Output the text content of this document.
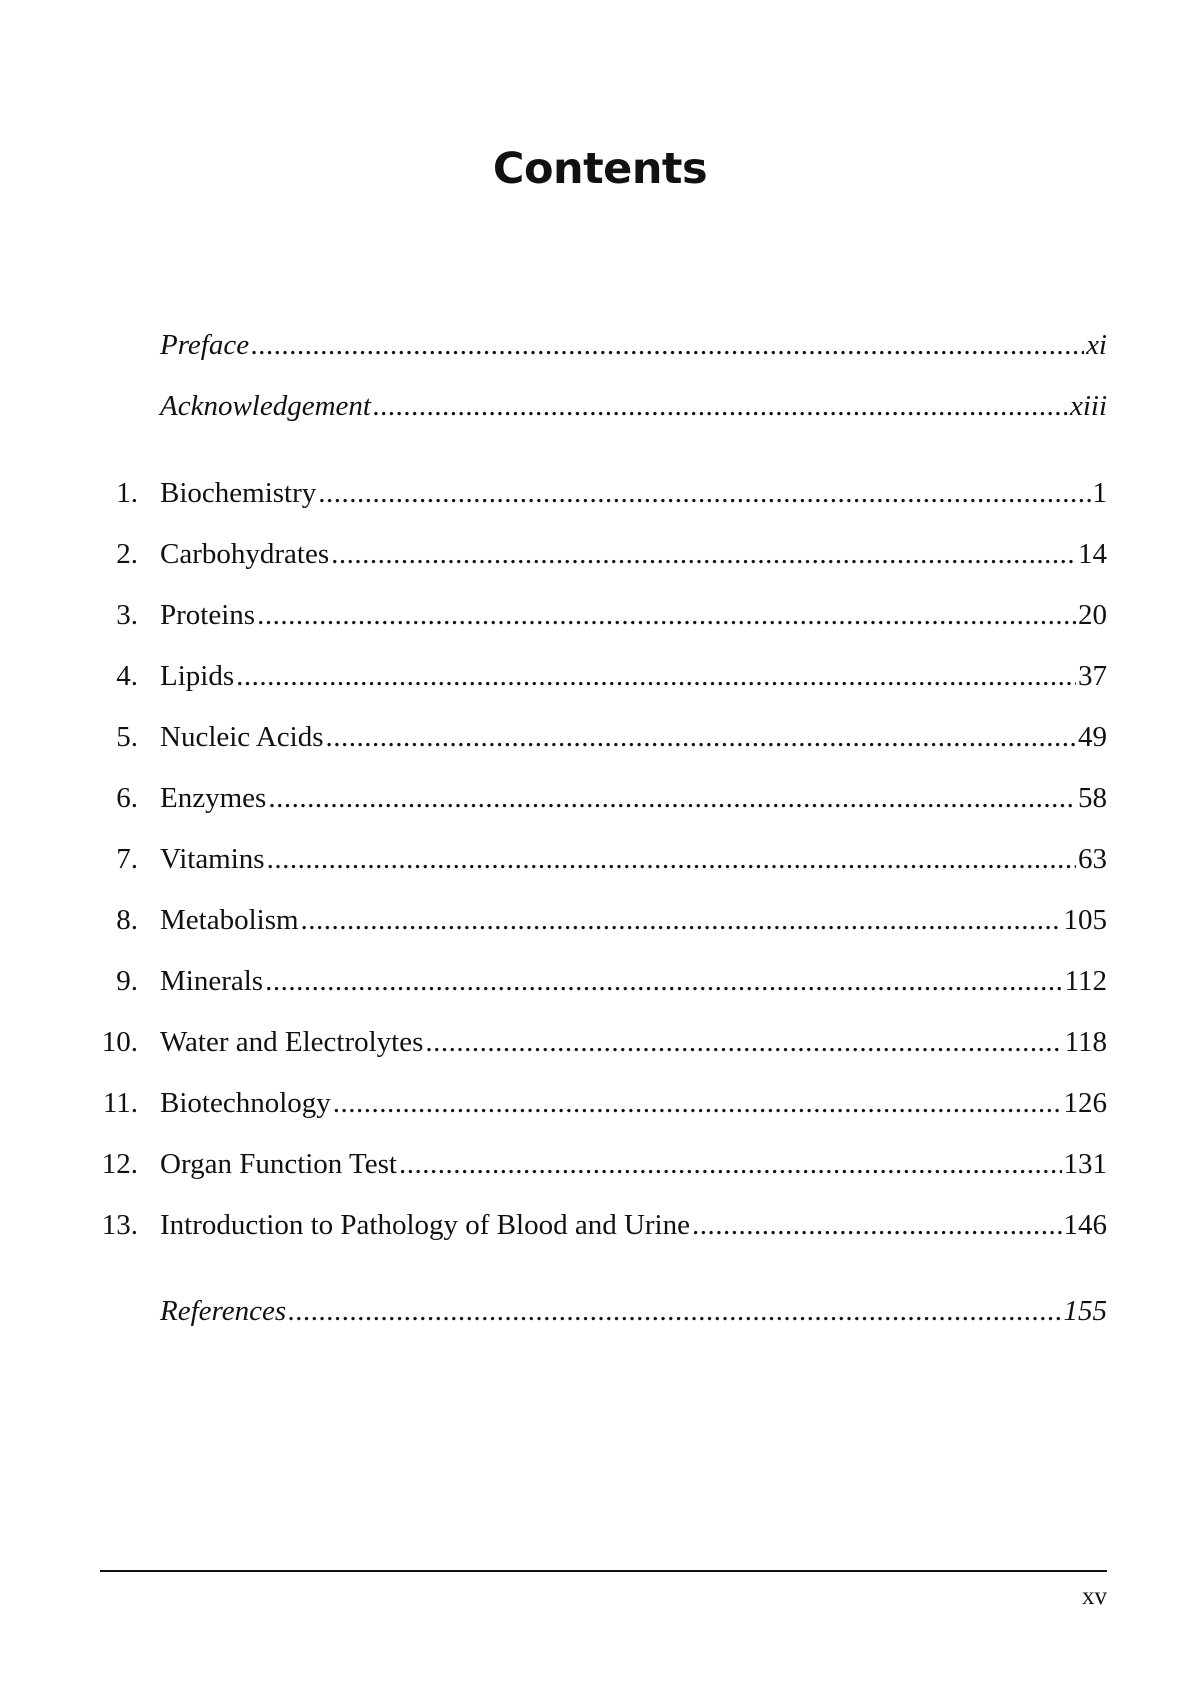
Contents
Preface .....	xi
Acknowledgement .....	xiii
1. Biochemistry .....	1
2. Carbohydrates .....	14
3. Proteins .....	20
4. Lipids .....	37
5. Nucleic Acids .....	49
6. Enzymes .....	58
7. Vitamins .....	63
8. Metabolism .....	105
9. Minerals .....	112
10. Water and Electrolytes .....	118
11. Biotechnology .....	126
12. Organ Function Test .....	131
13. Introduction to Pathology of Blood and Urine .....	146
References .....	155
xv
